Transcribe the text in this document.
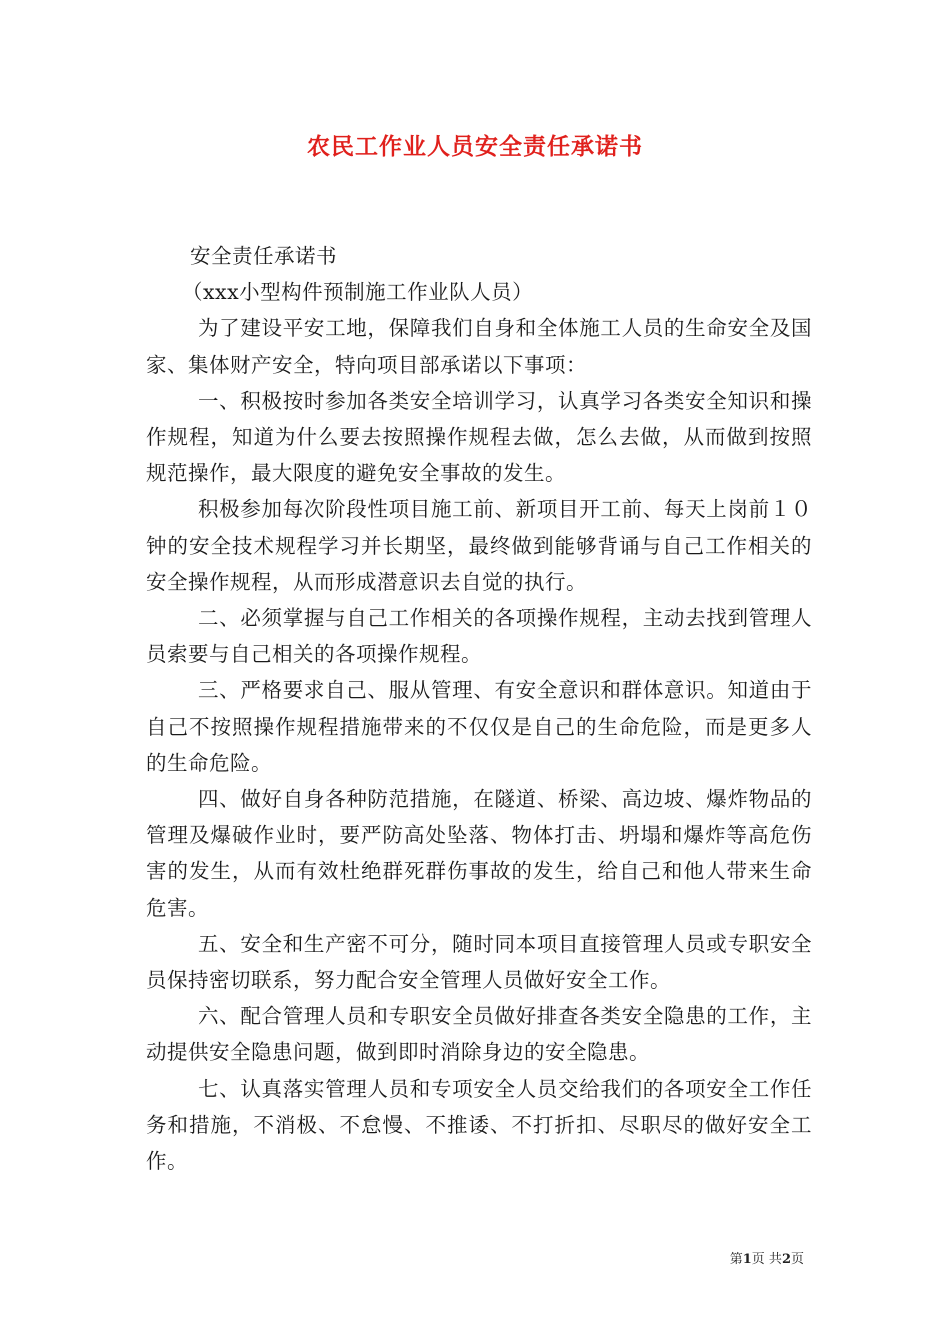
农民工作业人员安全责任承诺书

安全责任承诺书

（xxx小型构件预制施工作业队人员）

为了建设平安工地，保障我们自身和全体施工人员的生命安全及国家、集体财产安全，特向项目部承诺以下事项：

一、积极按时参加各类安全培训学习，认真学习各类安全知识和操作规程，知道为什么要去按照操作规程去做，怎么去做，从而做到按照规范操作，最大限度的避免安全事故的发生。

积极参加每次阶段性项目施工前、新项目开工前、每天上岗前１０钟的安全技术规程学习并长期坚，最终做到能够背诵与自己工作相关的安全操作规程，从而形成潜意识去自觉的执行。

二、必须掌握与自己工作相关的各项操作规程，主动去找到管理人员索要与自己相关的各项操作规程。

三、严格要求自己、服从管理、有安全意识和群体意识。知道由于自己不按照操作规程措施带来的不仅仅是自己的生命危险，而是更多人的生命危险。

四、做好自身各种防范措施，在隧道、桥梁、高边坡、爆炸物品的管理及爆破作业时，要严防高处坠落、物体打击、坍塌和爆炸等高危伤害的发生，从而有效杜绝群死群伤事故的发生，给自己和他人带来生命危害。

五、安全和生产密不可分，随时同本项目直接管理人员或专职安全员保持密切联系，努力配合安全管理人员做好安全工作。

六、配合管理人员和专职安全员做好排查各类安全隐患的工作，主动提供安全隐患问题，做到即时消除身边的安全隐患。

七、认真落实管理人员和专项安全人员交给我们的各项安全工作任务和措施，不消极、不怠慢、不推诿、不打折扣、尽职尽的做好安全工作。

第1页 共2页
